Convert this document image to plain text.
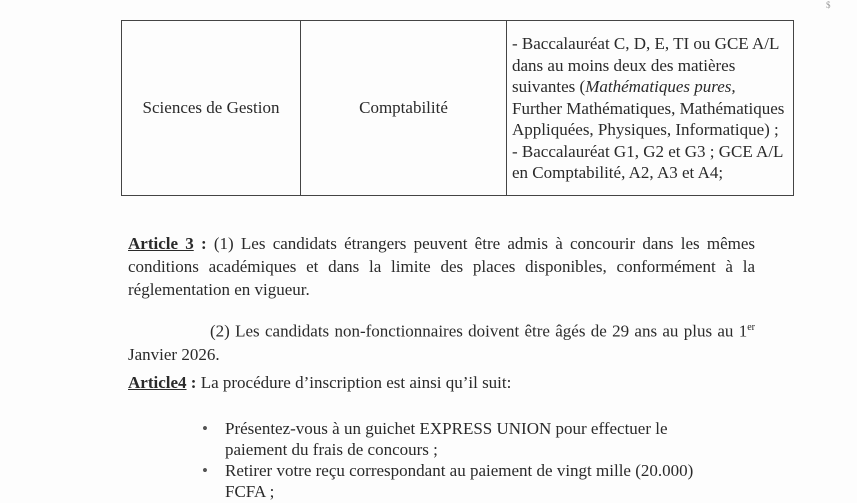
$
Sciences de Gestion	Comptabilité	- Baccalauréat C, D, E, TI ou GCE A/L dans au moins deux des matières suivantes (Mathématiques pures, Further Mathématiques, Mathématiques Appliquées, Physiques, Informatique) ;
- Baccalauréat G1, G2 et G3 ; GCE A/L en Comptabilité, A2, A3 et A4;
Article 3 : (1) Les candidats étrangers peuvent être admis à concourir dans les mêmes conditions académiques et dans la limite des places disponibles, conformément à la réglementation en vigueur.
(2) Les candidats non-fonctionnaires doivent être âgés de 29 ans au plus au 1er Janvier 2026.
Article4 : La procédure d’inscription est ainsi qu’il suit:
• Présentez-vous à un guichet EXPRESS UNION pour effectuer le paiement du frais de concours ;
• Retirer votre reçu correspondant au paiement de vingt mille (20.000) FCFA ;
